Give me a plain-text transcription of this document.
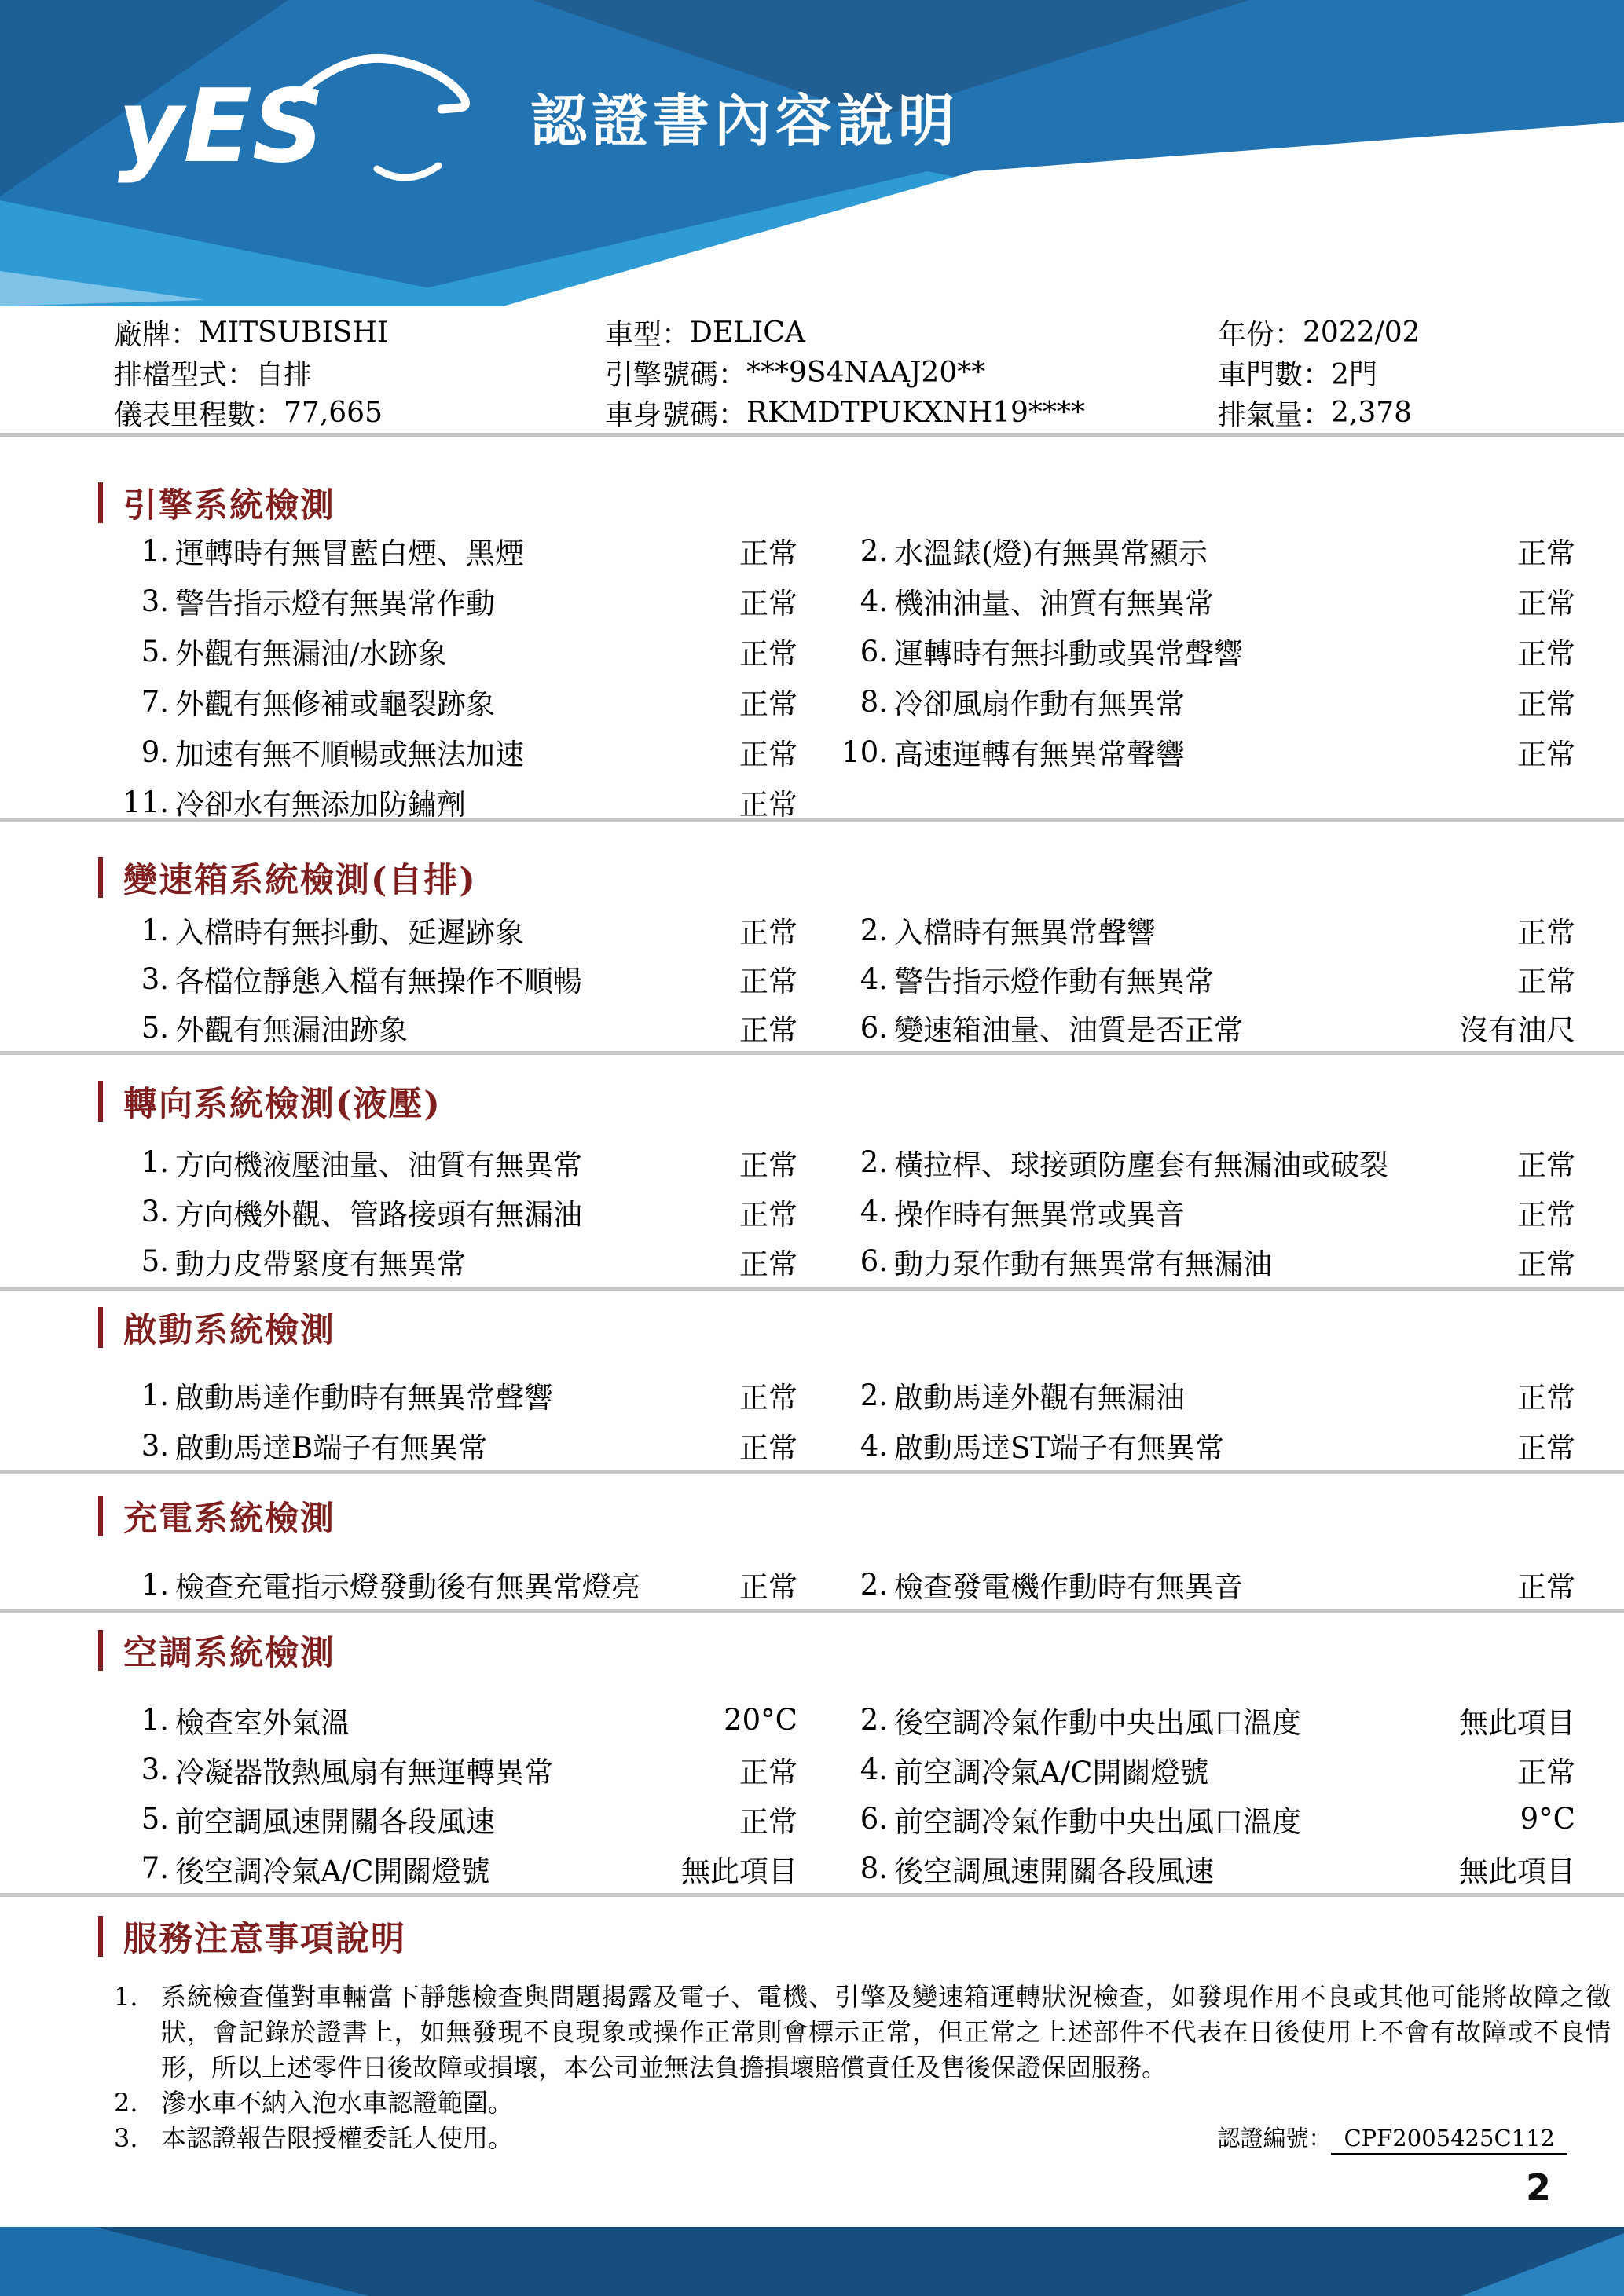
yES	認證書內容說明
廠牌： MITSUBISHI	車型： DELICA	年份： 2022/02
排檔型式： 自排	引擎號碼： ***9S4NAAJ20**	車門數： 2門
儀表里程數： 77,665	車身號碼： RKMDTPUKXNH19****	排氣量： 2,378
引擎系統檢測
1. 運轉時有無冒藍白煙、黑煙	正常	2. 水溫錶(燈)有無異常顯示	正常
3. 警告指示燈有無異常作動	正常	4. 機油油量、油質有無異常	正常
5. 外觀有無漏油/水跡象	正常	6. 運轉時有無抖動或異常聲響	正常
7. 外觀有無修補或龜裂跡象	正常	8. 冷卻風扇作動有無異常	正常
9. 加速有無不順暢或無法加速	正常	10. 高速運轉有無異常聲響	正常
11. 冷卻水有無添加防鏽劑	正常
變速箱系統檢測(自排)
1. 入檔時有無抖動、延遲跡象	正常	2. 入檔時有無異常聲響	正常
3. 各檔位靜態入檔有無操作不順暢	正常	4. 警告指示燈作動有無異常	正常
5. 外觀有無漏油跡象	正常	6. 變速箱油量、油質是否正常	沒有油尺
轉向系統檢測(液壓)
1. 方向機液壓油量、油質有無異常	正常	2. 橫拉桿、球接頭防塵套有無漏油或破裂	正常
3. 方向機外觀、管路接頭有無漏油	正常	4. 操作時有無異常或異音	正常
5. 動力皮帶緊度有無異常	正常	6. 動力泵作動有無異常有無漏油	正常
啟動系統檢測
1. 啟動馬達作動時有無異常聲響	正常	2. 啟動馬達外觀有無漏油	正常
3. 啟動馬達B端子有無異常	正常	4. 啟動馬達ST端子有無異常	正常
充電系統檢測
1. 檢查充電指示燈發動後有無異常燈亮	正常	2. 檢查發電機作動時有無異音	正常
空調系統檢測
1. 檢查室外氣溫	20°C	2. 後空調冷氣作動中央出風口溫度	無此項目
3. 冷凝器散熱風扇有無運轉異常	正常	4. 前空調冷氣A/C開關燈號	正常
5. 前空調風速開關各段風速	正常	6. 前空調冷氣作動中央出風口溫度	9°C
7. 後空調冷氣A/C開關燈號	無此項目	8. 後空調風速開關各段風速	無此項目
服務注意事項說明
1. 系統檢查僅對車輛當下靜態檢查與問題揭露及電子、電機、引擎及變速箱運轉狀況檢查，如發現作用不良或其他可能將故障之徵狀，會記錄於證書上，如無發現不良現象或操作正常則會標示正常，但正常之上述部件不代表在日後使用上不會有故障或不良情形，所以上述零件日後故障或損壞，本公司並無法負擔損壞賠償責任及售後保證保固服務。
2. 滲水車不納入泡水車認證範圍。
3. 本認證報告限授權委託人使用。	認證編號： CPF2005425C112
2
